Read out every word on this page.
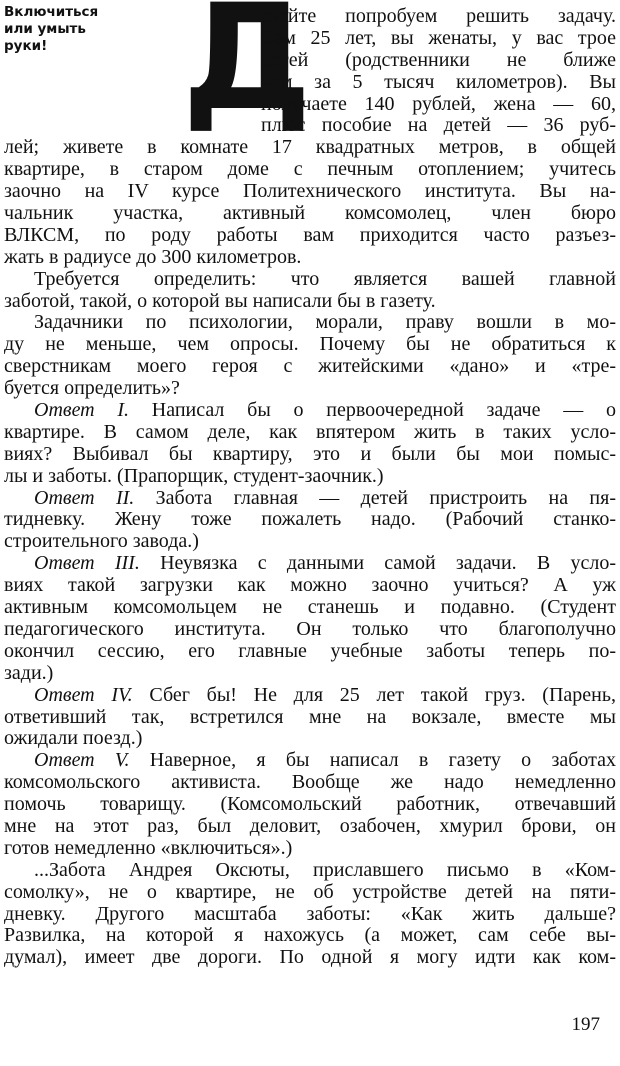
Включиться
или умыть
руки! Д
авайте попробуем решить задачу.
Вам 25 лет, вы женаты, у вас трое
детей (родственники не ближе
чем за 5 тысяч километров). Вы
получаете 140 рублей, жена — 60,
плюс пособие на детей — 36 руб-
лей; живете в комнате 17 квадратных метров, в общей
квартире, в старом доме с печным отоплением; учитесь
заочно на IV курсе Политехнического института. Вы на-
чальник участка, активный комсомолец, член бюро
ВЛКСМ, по роду работы вам приходится часто разъез-
жать в радиусе до 300 километров.
Требуется определить: что является вашей главной
заботой, такой, о которой вы написали бы в газету.
Задачники по психологии, морали, праву вошли в мо-
ду не меньше, чем опросы. Почему бы не обратиться к
сверстникам моего героя с житейскими «дано» и «тре-
буется определить»?
Ответ I. Написал бы о первоочередной задаче — о
квартире. В самом деле, как впятером жить в таких усло-
виях? Выбивал бы квартиру, это и были бы мои помыс-
лы и заботы. (Прапорщик, студент-заочник.)
Ответ II. Забота главная — детей пристроить на пя-
тидневку. Жену тоже пожалеть надо. (Рабочий станко-
строительного завода.)
Ответ III. Неувязка с данными самой задачи. В усло-
виях такой загрузки как можно заочно учиться? А уж
активным комсомольцем не станешь и подавно. (Студент
педагогического института. Он только что благополучно
окончил сессию, его главные учебные заботы теперь по-
зади.)
Ответ IV. Сбег бы! Не для 25 лет такой груз. (Парень,
ответивший так, встретился мне на вокзале, вместе мы
ожидали поезд.)
Ответ V. Наверное, я бы написал в газету о заботах
комсомольского активиста. Вообще же надо немедленно
помочь товарищу. (Комсомольский работник, отвечавший
мне на этот раз, был деловит, озабочен, хмурил брови, он
готов немедленно «включиться».)
...Забота Андрея Оксюты, приславшего письмо в «Ком-
сомолку», не о квартире, не об устройстве детей на пяти-
дневку. Другого масштаба заботы: «Как жить дальше?
Развилка, на которой я нахожусь (а может, сам себе вы-
думал), имеет две дороги. По одной я могу идти как ком-
197
